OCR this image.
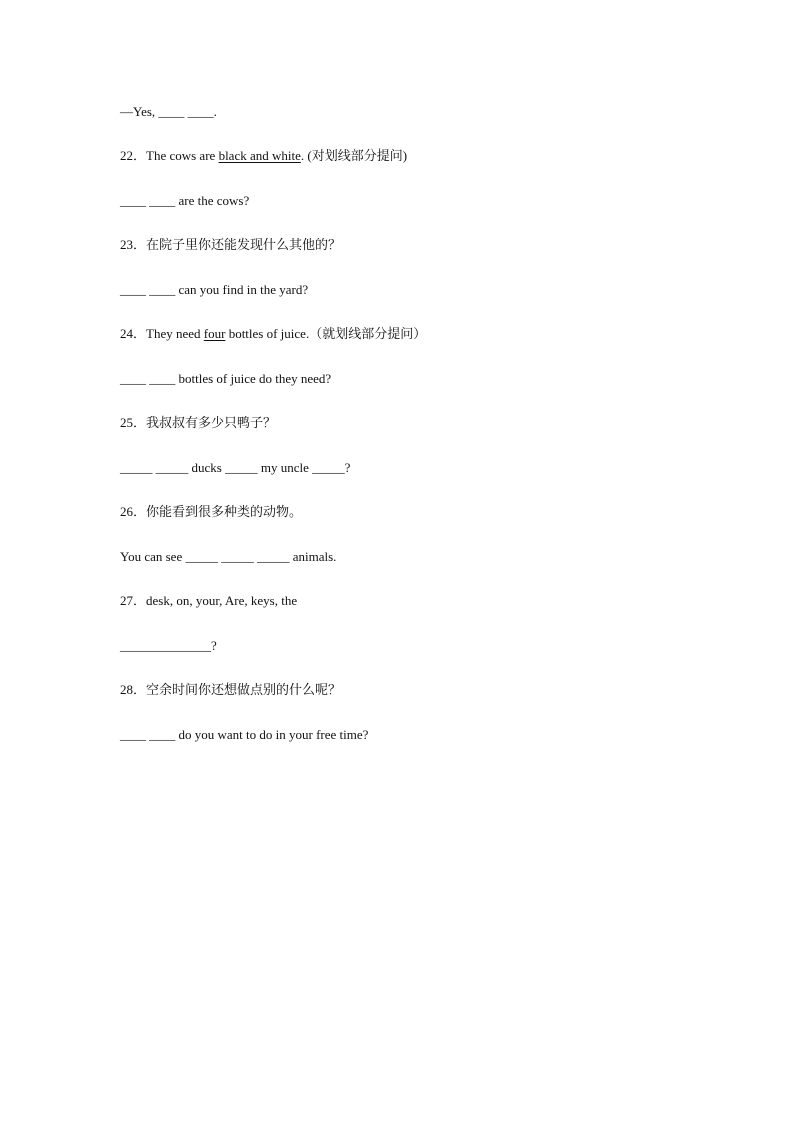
—Yes, ____ ____.
22．The cows are black and white. (对划线部分提问)
____ ____ are the cows?
23．在院子里你还能发现什么其他的？
____ ____ can you find in the yard?
24．They need four bottles of juice.（就划线部分提问）
____ ____ bottles of juice do they need?
25．我叔叔有多少只鸭子？
_____ _____ ducks _____ my uncle _____?
26．你能看到很多种类的动物。
You can see _____ _____ _____ animals.
27．desk, on, your, Are, keys, the
______________?
28．空余时间你还想做点别的什么呢？
____ ____ do you want to do in your free time?
